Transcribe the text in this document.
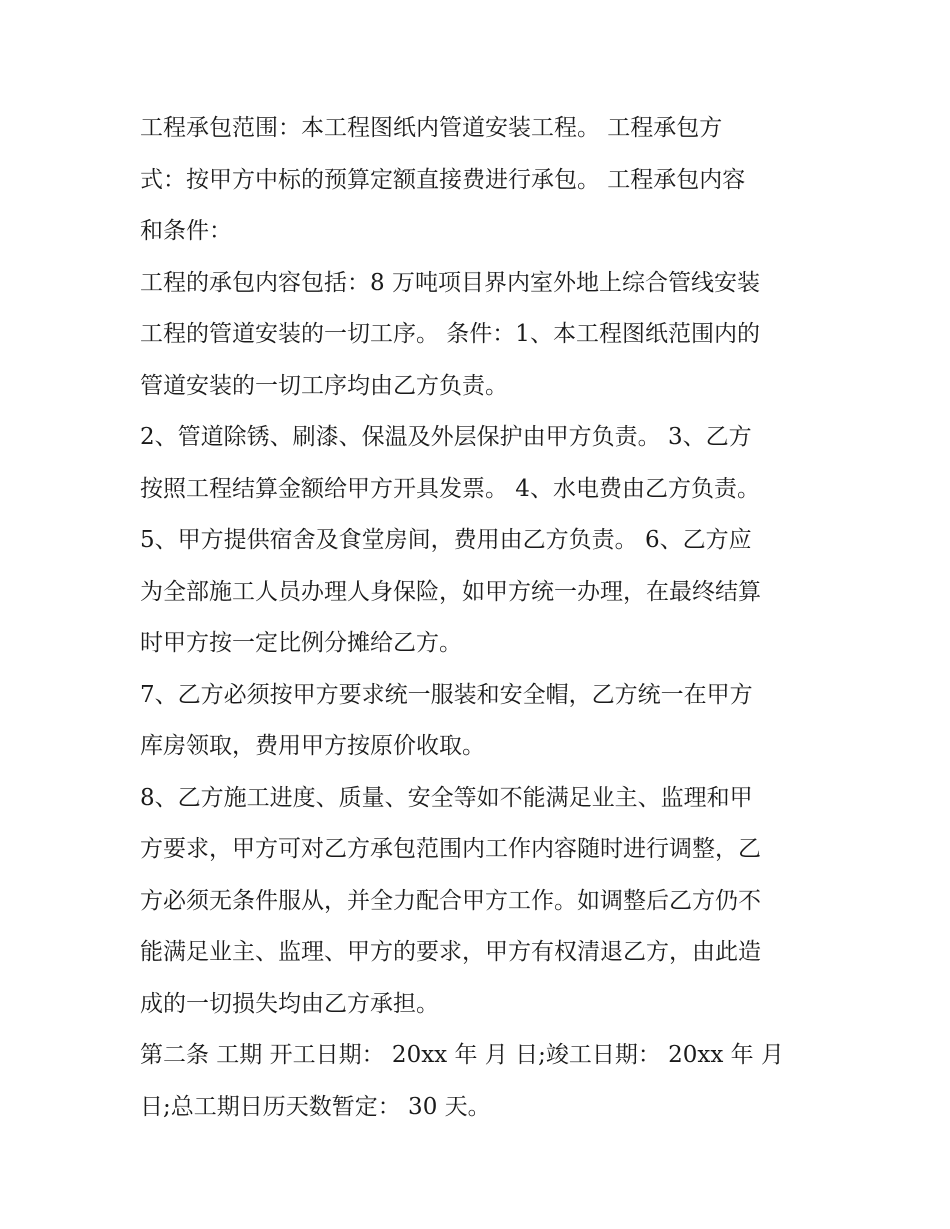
工程承包范围：本工程图纸内管道安装工程。 工程承包方
式：按甲方中标的预算定额直接费进行承包。 工程承包内容
和条件：
工程的承包内容包括：8 万吨项目界内室外地上综合管线安装
工程的管道安装的一切工序。 条件：1、本工程图纸范围内的
管道安装的一切工序均由乙方负责。
2、管道除锈、刷漆、保温及外层保护由甲方负责。 3、乙方
按照工程结算金额给甲方开具发票。 4、水电费由乙方负责。
5、甲方提供宿舍及食堂房间，费用由乙方负责。 6、乙方应
为全部施工人员办理人身保险，如甲方统一办理，在最终结算
时甲方按一定比例分摊给乙方。
7、乙方必须按甲方要求统一服装和安全帽，乙方统一在甲方
库房领取，费用甲方按原价收取。
8、乙方施工进度、质量、安全等如不能满足业主、监理和甲
方要求，甲方可对乙方承包范围内工作内容随时进行调整，乙
方必须无条件服从，并全力配合甲方工作。如调整后乙方仍不
能满足业主、监理、甲方的要求，甲方有权清退乙方，由此造
成的一切损失均由乙方承担。
第二条 工期 开工日期： 20xx 年 月 日;竣工日期： 20xx 年 月
日;总工期日历天数暂定： 30 天。
